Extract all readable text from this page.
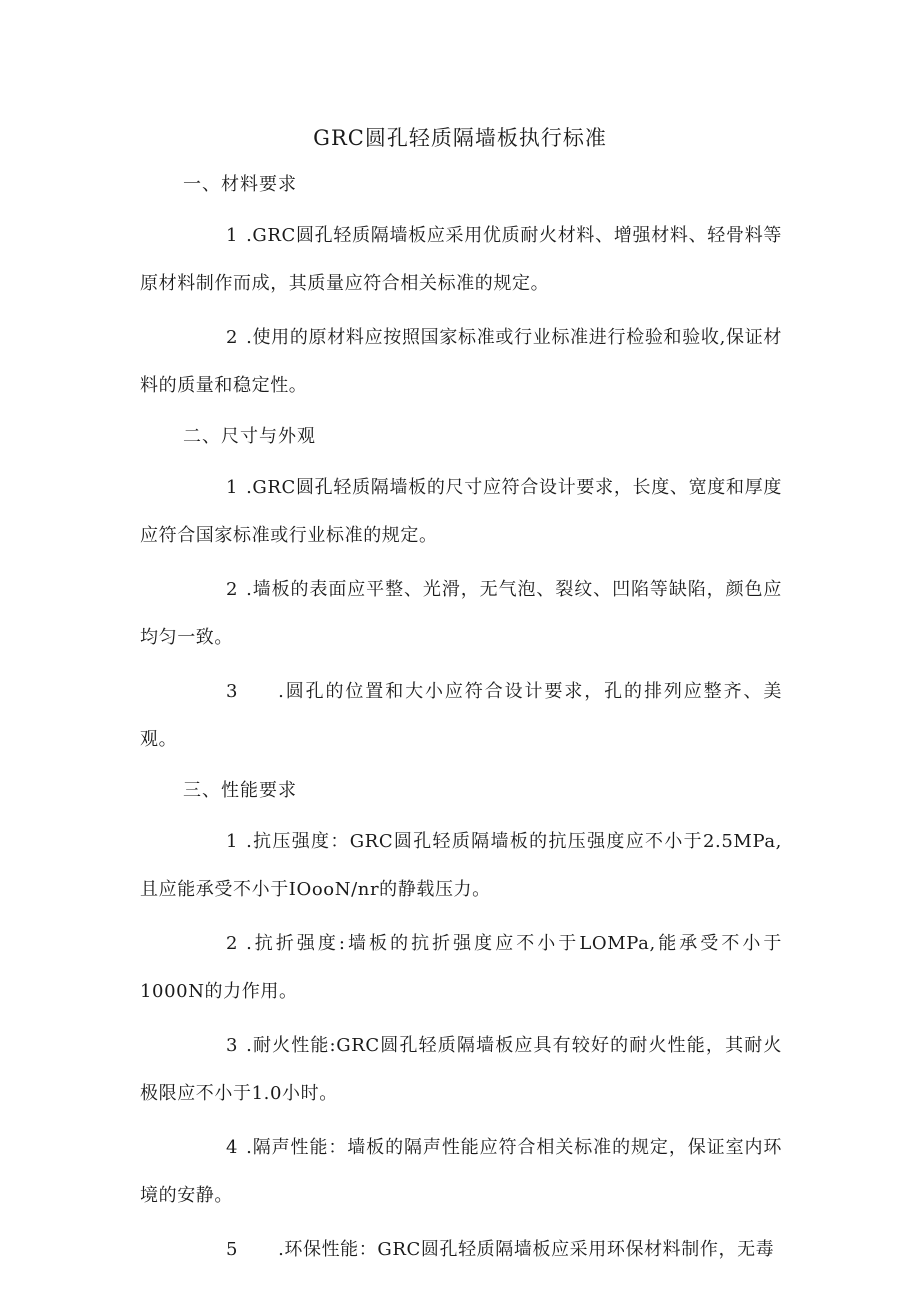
GRC圆孔轻质隔墙板执行标准

一、材料要求

1 .GRC圆孔轻质隔墙板应采用优质耐火材料、增强材料、轻骨料等原材料制作而成，其质量应符合相关标准的规定。

2 .使用的原材料应按照国家标准或行业标准进行检验和验收,保证材料的质量和稳定性。

二、尺寸与外观

1 .GRC圆孔轻质隔墙板的尺寸应符合设计要求，长度、宽度和厚度应符合国家标准或行业标准的规定。

2 .墙板的表面应平整、光滑，无气泡、裂纹、凹陷等缺陷，颜色应均匀一致。

3 .圆孔的位置和大小应符合设计要求，孔的排列应整齐、美观。

三、性能要求

1 .抗压强度：GRC圆孔轻质隔墙板的抗压强度应不小于2.5MPa,且应能承受不小于IOooN/nr的静载压力。

2 .抗折强度:墙板的抗折强度应不小于LOMPa,能承受不小于1000N的力作用。

3 .耐火性能:GRC圆孔轻质隔墙板应具有较好的耐火性能，其耐火极限应不小于1.0小时。

4 .隔声性能：墙板的隔声性能应符合相关标准的规定，保证室内环境的安静。

5 .环保性能：GRC圆孔轻质隔墙板应采用环保材料制作，无毒
